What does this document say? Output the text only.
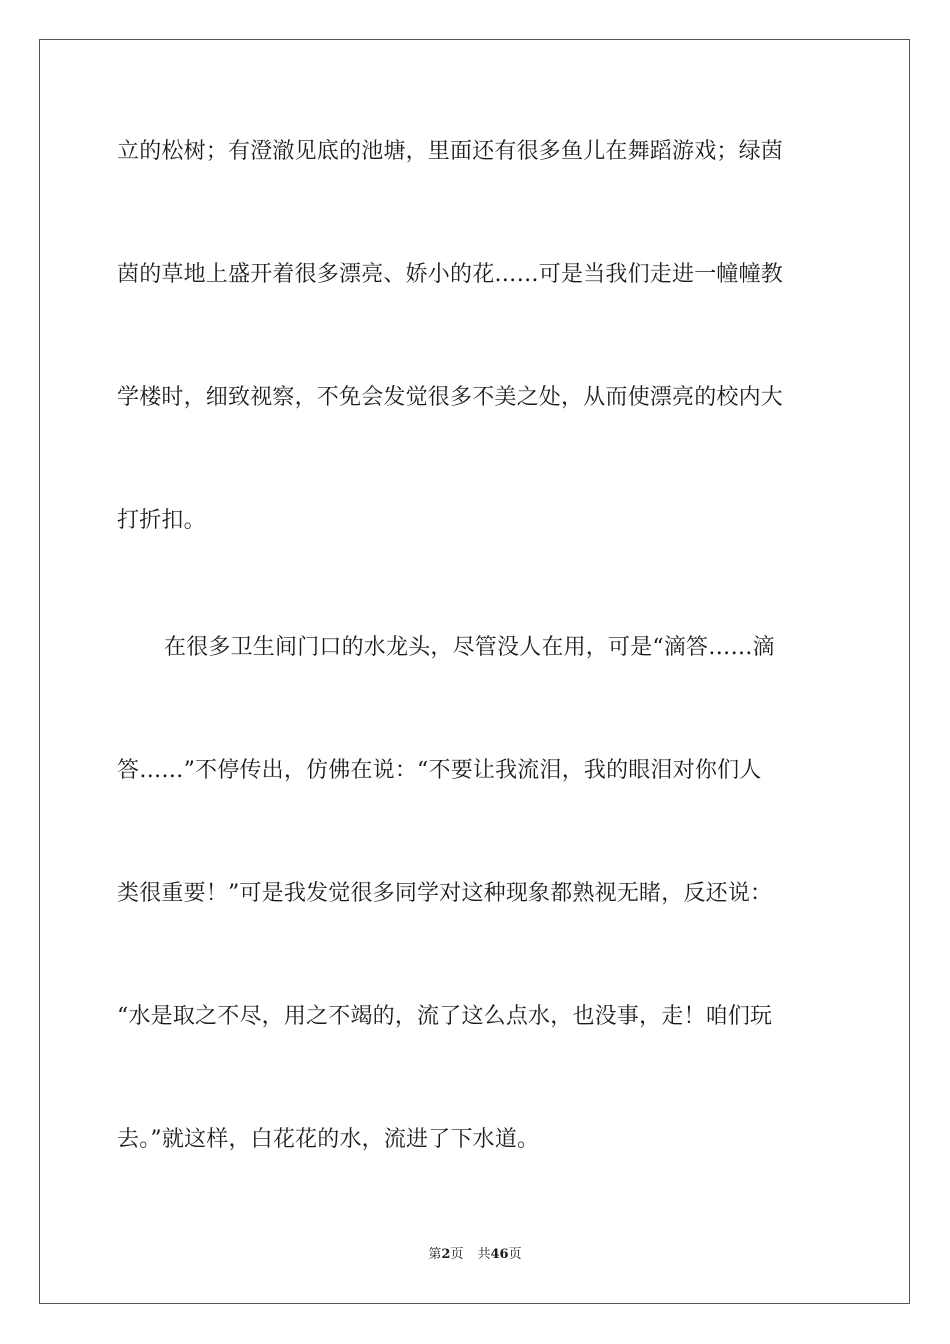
立的松树；有澄澈见底的池塘，里面还有很多鱼儿在舞蹈游戏；绿茵
茵的草地上盛开着很多漂亮、娇小的花……可是当我们走进一幢幢教
学楼时，细致视察，不免会发觉很多不美之处，从而使漂亮的校内大
打折扣。
在很多卫生间门口的水龙头，尽管没人在用，可是“滴答……滴
答……”不停传出，仿佛在说：“不要让我流泪，我的眼泪对你们人
类很重要！”可是我发觉很多同学对这种现象都熟视无睹，反还说：
“水是取之不尽，用之不竭的，流了这么点水，也没事，走！咱们玩
去。”就这样，白花花的水，流进了下水道。
第2页 共46页
